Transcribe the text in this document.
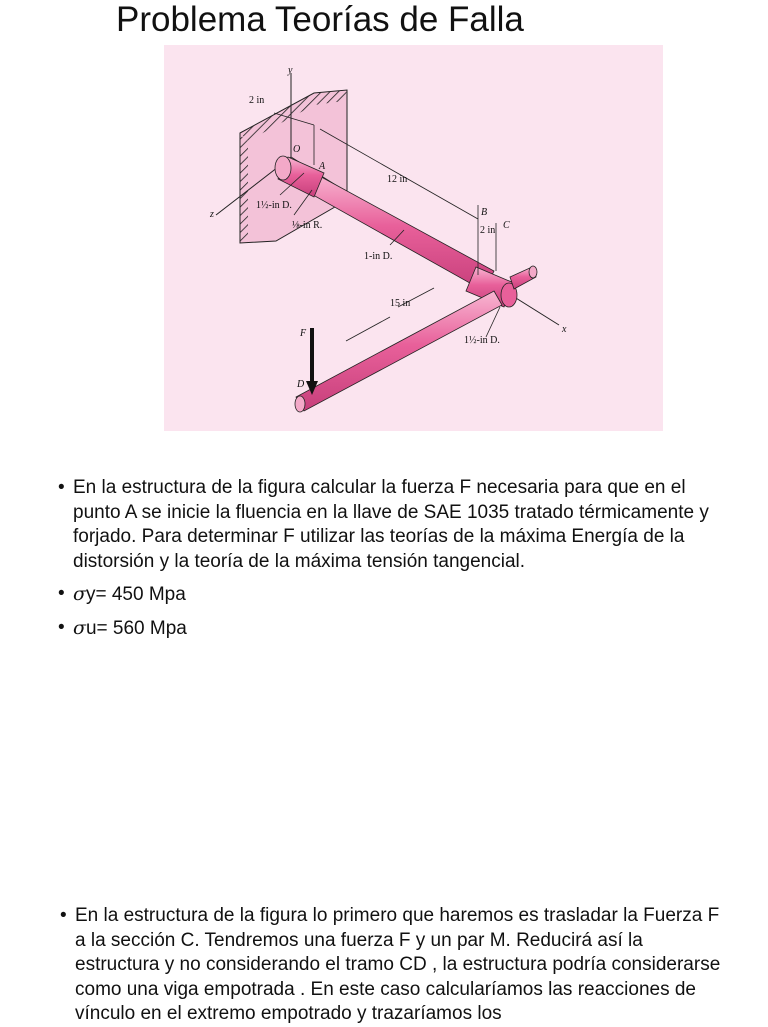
Problema Teorías de Falla
y
2 in
O
A
12 in
1½-in D.
z	B
C
2 in
⅛-in R.
1-in D.
15 in
x
F
1½-in D.
D
• En la estructura de la figura calcular la fuerza F necesaria para que en el punto A se inicie la fluencia en la llave de SAE 1035 tratado térmicamente y forjado. Para determinar F utilizar las teorías de la máxima Energía de la distorsión y la teoría de la máxima tensión tangencial.
• σy= 450 Mpa
• σu= 560 Mpa
• En la estructura de la figura lo primero que haremos es trasladar la Fuerza F a la sección C. Tendremos una fuerza F y un par M. Reducirá así la estructura y no considerando el tramo CD , la estructura podría considerarse como una viga empotrada . En este caso calcularíamos las reacciones de vínculo en el extremo empotrado y trazaríamos los
